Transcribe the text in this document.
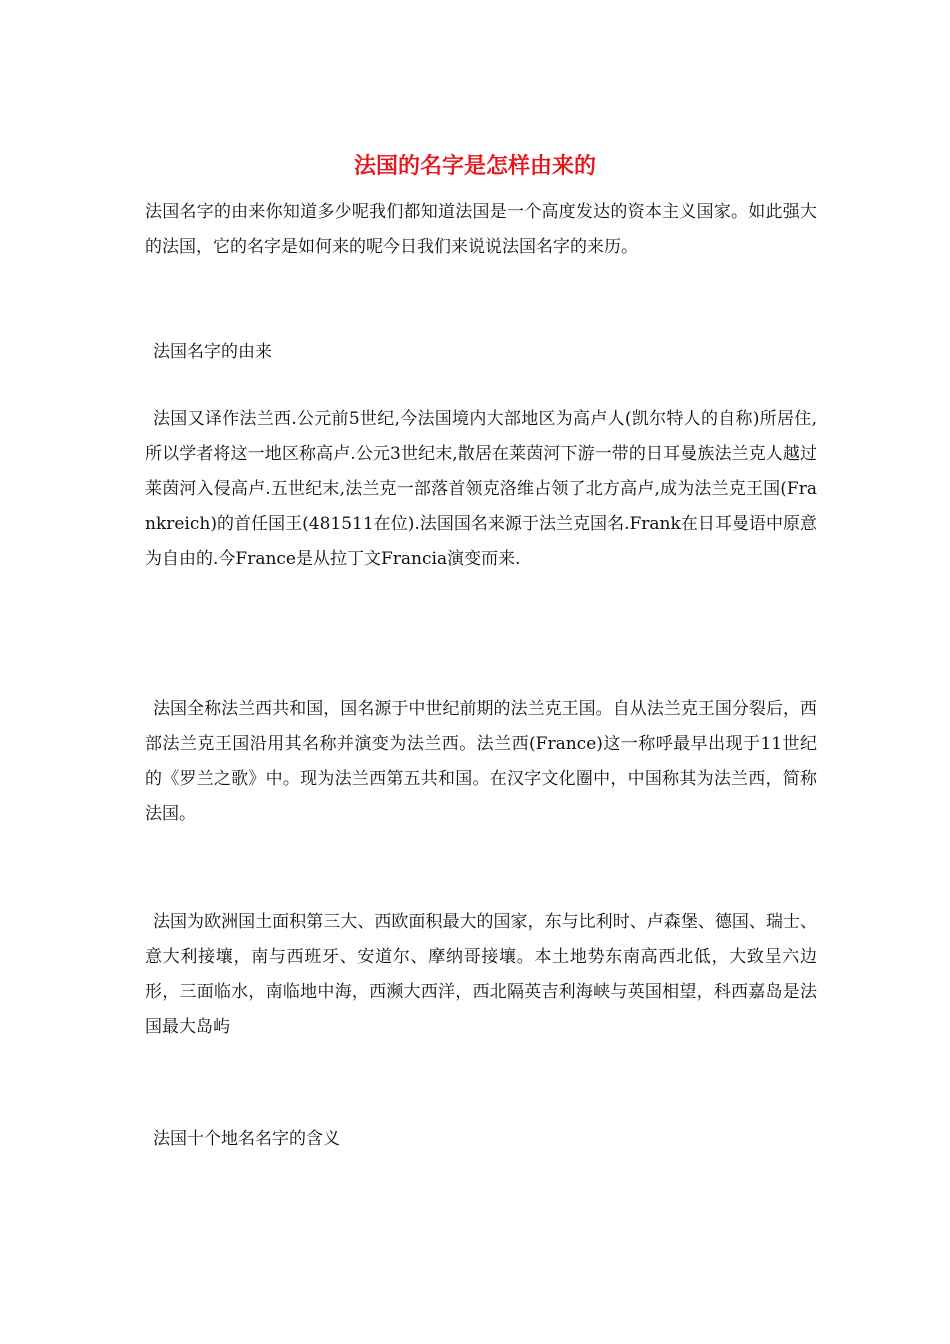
法国的名字是怎样由来的

法国名字的由来你知道多少呢我们都知道法国是一个高度发达的资本主义国家。如此强大的法国，它的名字是如何来的呢今日我们来说说法国名字的来历。

法国名字的由来

法国又译作法兰西.公元前5世纪,今法国境内大部地区为高卢人(凯尔特人的自称)所居住,所以学者将这一地区称高卢.公元3世纪末,散居在莱茵河下游一带的日耳曼族法兰克人越过莱茵河入侵高卢.五世纪末,法兰克一部落首领克洛维占领了北方高卢,成为法兰克王国(Frankreich)的首任国王(481511在位).法国国名来源于法兰克国名.Frank在日耳曼语中原意为自由的.今France是从拉丁文Francia演变而来.

法国全称法兰西共和国，国名源于中世纪前期的法兰克王国。自从法兰克王国分裂后，西部法兰克王国沿用其名称并演变为法兰西。法兰西(France)这一称呼最早出现于11世纪的《罗兰之歌》中。现为法兰西第五共和国。在汉字文化圈中，中国称其为法兰西，简称法国。

法国为欧洲国土面积第三大、西欧面积最大的国家，东与比利时、卢森堡、德国、瑞士、意大利接壤，南与西班牙、安道尔、摩纳哥接壤。本土地势东南高西北低，大致呈六边形，三面临水，南临地中海，西濒大西洋，西北隔英吉利海峡与英国相望，科西嘉岛是法国最大岛屿

法国十个地名名字的含义
